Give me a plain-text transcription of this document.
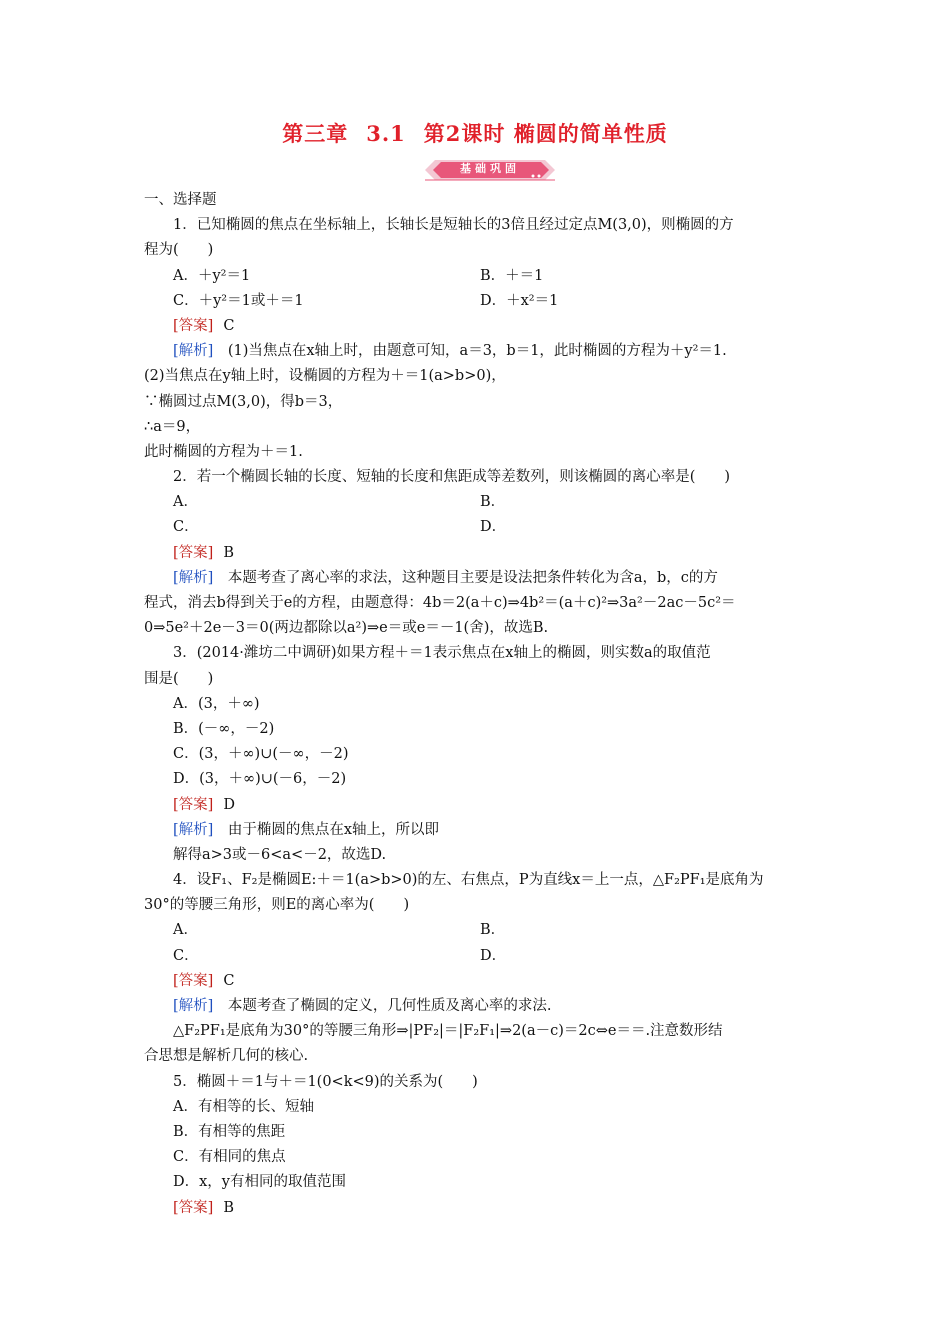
第三章 3.1 第2课时 椭圆的简单性质
基础巩固
一、选择题
1．已知椭圆的焦点在坐标轴上，长轴长是短轴长的3倍且经过定点M(3,0)，则椭圆的方
程为(　　)
A．＋y²＝1	B．＋＝1
C．＋y²＝1或＋＝1	D．＋x²＝1
[答案] C
[解析]　(1)当焦点在x轴上时，由题意可知，a＝3，b＝1，此时椭圆的方程为＋y²＝1.
(2)当焦点在y轴上时，设椭圆的方程为＋＝1(a>b>0)，
∵椭圆过点M(3,0)，得b＝3，
∴a＝9，
此时椭圆的方程为＋＝1.
2．若一个椭圆长轴的长度、短轴的长度和焦距成等差数列，则该椭圆的离心率是(　　)
A．	B．
C．	D．
[答案] B
[解析]　本题考查了离心率的求法，这种题目主要是设法把条件转化为含a，b，c的方
程式，消去b得到关于e的方程，由题意得：4b＝2(a＋c)⇒4b²＝(a＋c)²⇒3a²－2ac－5c²＝
0⇒5e²＋2e－3＝0(两边都除以a²)⇒e＝或e＝－1(舍)，故选B.
3．(2014·潍坊二中调研)如果方程＋＝1表示焦点在x轴上的椭圆，则实数a的取值范
围是(　　)
A．(3，＋∞)
B．(－∞，－2)
C．(3，＋∞)∪(－∞，－2)
D．(3，＋∞)∪(－6，－2)
[答案] D
[解析]　由于椭圆的焦点在x轴上，所以即
解得a>3或－6<a<－2，故选D.
4．设F₁、F₂是椭圆E:＋＝1(a>b>0)的左、右焦点，P为直线x＝上一点，△F₂PF₁是底角为
30°的等腰三角形，则E的离心率为(　　)
A．	B．
C．	D．
[答案] C
[解析]　本题考查了椭圆的定义，几何性质及离心率的求法.
△F₂PF₁是底角为30°的等腰三角形⇒|PF₂|＝|F₂F₁|⇒2(a－c)＝2c⇔e＝＝.注意数形结
合思想是解析几何的核心.
5．椭圆＋＝1与＋＝1(0<k<9)的关系为(　　)
A．有相等的长、短轴
B．有相等的焦距
C．有相同的焦点
D．x，y有相同的取值范围
[答案] B
